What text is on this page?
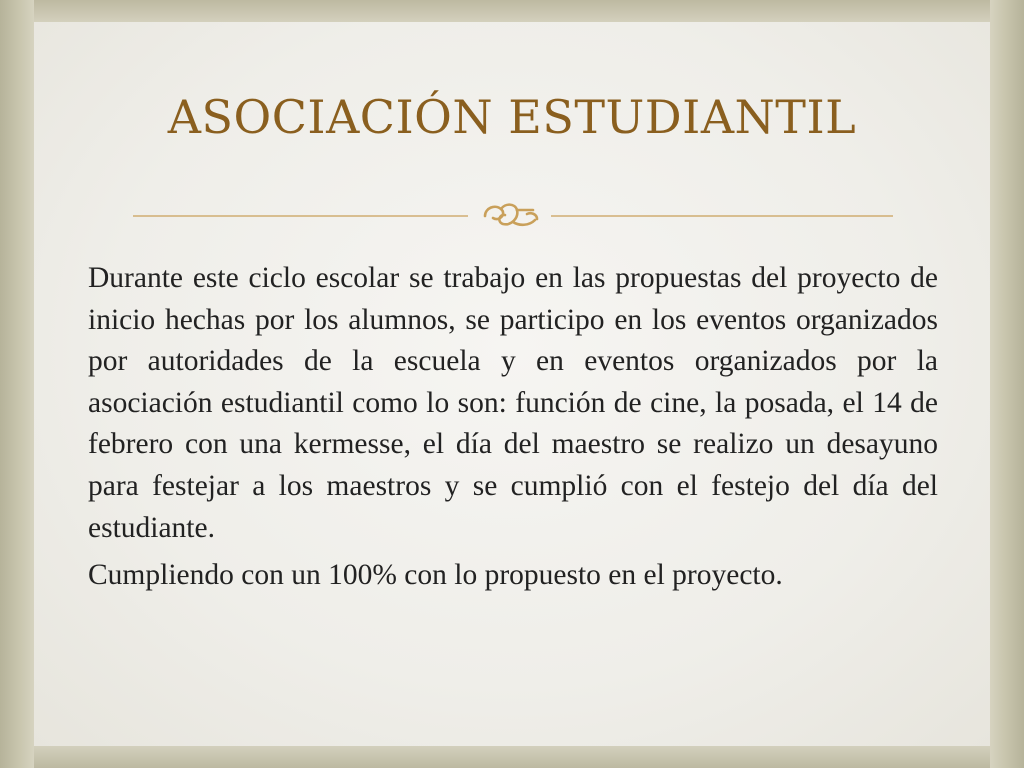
ASOCIACIÓN ESTUDIANTIL

Durante este ciclo escolar se trabajo en las propuestas del proyecto de inicio hechas por los alumnos, se participo en los eventos organizados por autoridades de la escuela y en eventos organizados por la asociación estudiantil como lo son: función de cine, la posada, el 14 de febrero con una kermesse, el día del maestro se realizo un desayuno para festejar a los maestros y se cumplió con el festejo del día del estudiante.

Cumpliendo con un 100% con lo propuesto en el proyecto.
